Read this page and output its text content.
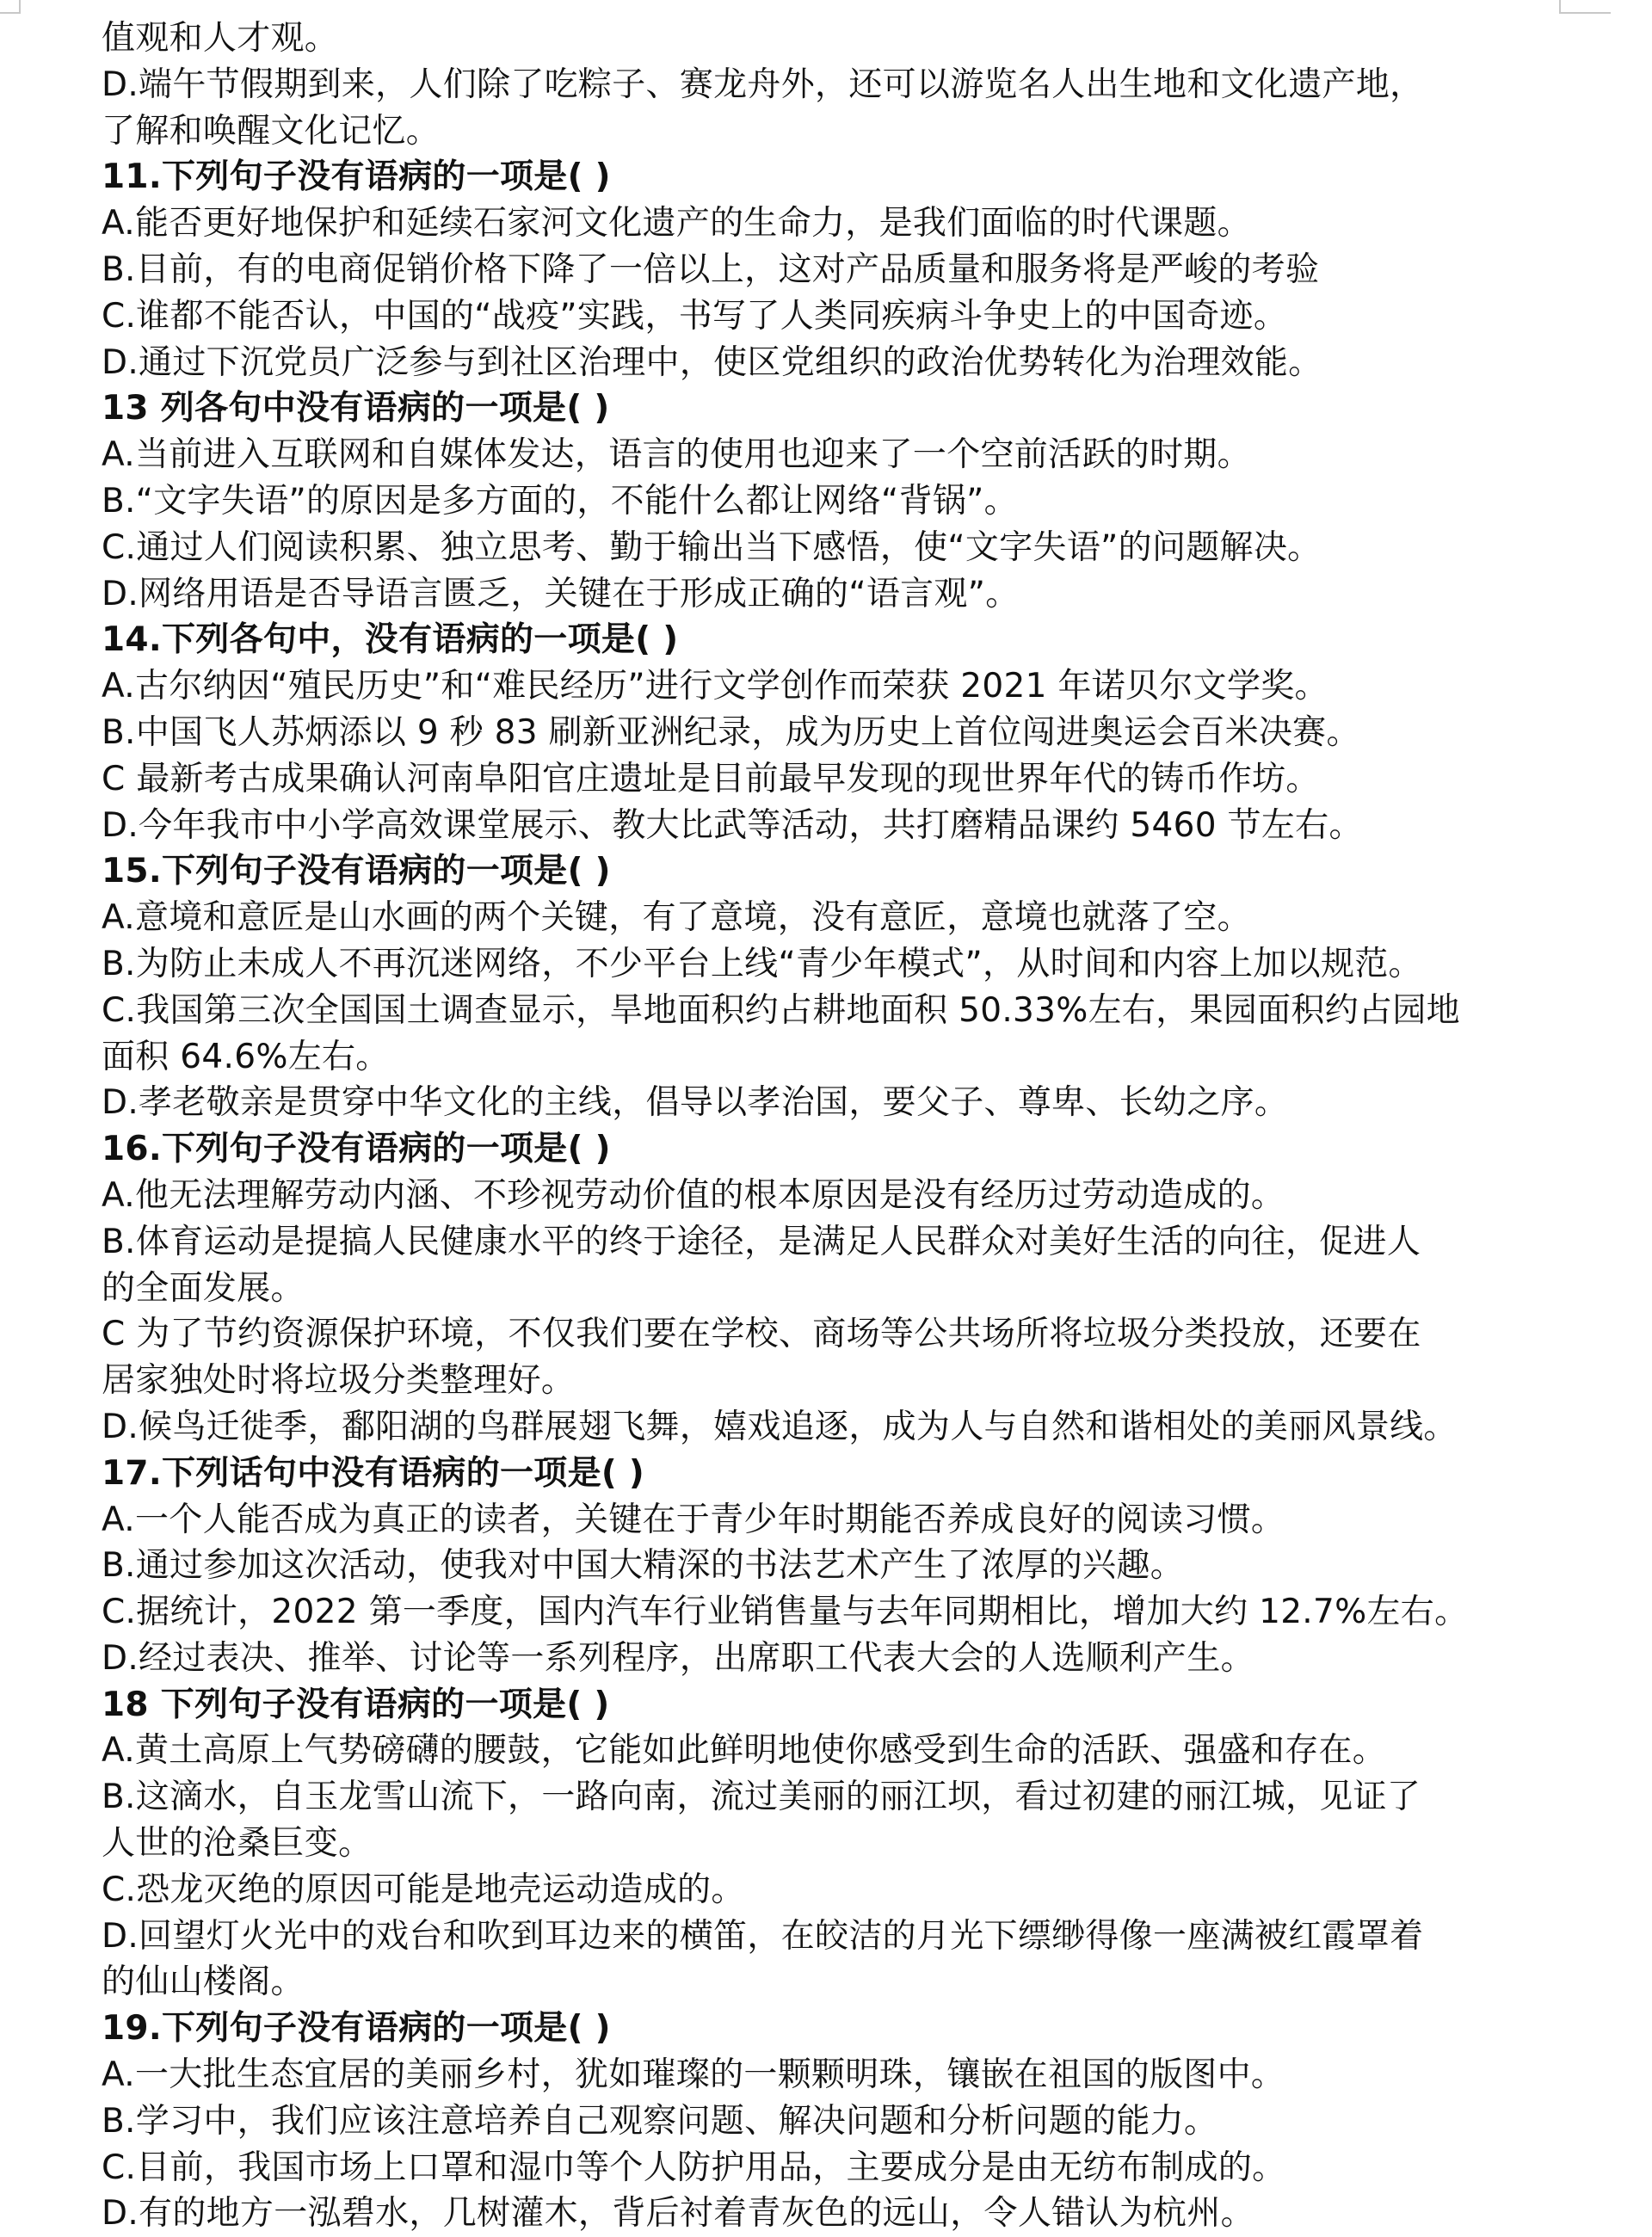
值观和人才观。
D.端午节假期到来，人们除了吃粽子、赛龙舟外，还可以游览名人出生地和文化遗产地，
了解和唤醒文化记忆。
11.下列句子没有语病的一项是( )
A.能否更好地保护和延续石家河文化遗产的生命力，是我们面临的时代课题。
B.目前，有的电商促销价格下降了一倍以上，这对产品质量和服务将是严峻的考验
C.谁都不能否认，中国的“战疫”实践，书写了人类同疾病斗争史上的中国奇迹。
D.通过下沉党员广泛参与到社区治理中，使区党组织的政治优势转化为治理效能。
13 列各句中没有语病的一项是( )
A.当前进入互联网和自媒体发达，语言的使用也迎来了一个空前活跃的时期。
B.“文字失语”的原因是多方面的，不能什么都让网络“背锅”。
C.通过人们阅读积累、独立思考、勤于输出当下感悟，使“文字失语”的问题解决。
D.网络用语是否导语言匮乏，关键在于形成正确的“语言观”。
14.下列各句中，没有语病的一项是( )
A.古尔纳因“殖民历史”和“难民经历”进行文学创作而荣获 2021 年诺贝尔文学奖。
B.中国飞人苏炳添以 9 秒 83 刷新亚洲纪录，成为历史上首位闯进奥运会百米决赛。
C 最新考古成果确认河南阜阳官庄遗址是目前最早发现的现世界年代的铸币作坊。
D.今年我市中小学高效课堂展示、教大比武等活动，共打磨精品课约 5460 节左右。
15.下列句子没有语病的一项是( )
A.意境和意匠是山水画的两个关键，有了意境，没有意匠，意境也就落了空。
B.为防止未成人不再沉迷网络，不少平台上线“青少年模式”，从时间和内容上加以规范。
C.我国第三次全国国土调查显示，旱地面积约占耕地面积 50.33%左右，果园面积约占园地
面积 64.6%左右。
D.孝老敬亲是贯穿中华文化的主线，倡导以孝治国，要父子、尊卑、长幼之序。
16.下列句子没有语病的一项是( )
A.他无法理解劳动内涵、不珍视劳动价值的根本原因是没有经历过劳动造成的。
B.体育运动是提搞人民健康水平的终于途径，是满足人民群众对美好生活的向往，促进人
的全面发展。
C 为了节约资源保护环境，不仅我们要在学校、商场等公共场所将垃圾分类投放，还要在
居家独处时将垃圾分类整理好。
D.候鸟迁徙季，鄱阳湖的鸟群展翅飞舞，嬉戏追逐，成为人与自然和谐相处的美丽风景线。
17.下列话句中没有语病的一项是( )
A.一个人能否成为真正的读者，关键在于青少年时期能否养成良好的阅读习惯。
B.通过参加这次活动，使我对中国大精深的书法艺术产生了浓厚的兴趣。
C.据统计，2022 第一季度，国内汽车行业销售量与去年同期相比，增加大约 12.7%左右。
D.经过表决、推举、讨论等一系列程序，出席职工代表大会的人选顺利产生。
18 下列句子没有语病的一项是( )
A.黄土高原上气势磅礴的腰鼓，它能如此鲜明地使你感受到生命的活跃、强盛和存在。
B.这滴水，自玉龙雪山流下，一路向南，流过美丽的丽江坝，看过初建的丽江城，见证了
人世的沧桑巨变。
C.恐龙灭绝的原因可能是地壳运动造成的。
D.回望灯火光中的戏台和吹到耳边来的横笛，在皎洁的月光下缥缈得像一座满被红霞罩着
的仙山楼阁。
19.下列句子没有语病的一项是( )
A.一大批生态宜居的美丽乡村，犹如璀璨的一颗颗明珠，镶嵌在祖国的版图中。
B.学习中，我们应该注意培养自己观察问题、解决问题和分析问题的能力。
C.目前，我国市场上口罩和湿巾等个人防护用品，主要成分是由无纺布制成的。
D.有的地方一泓碧水，几树灌木，背后衬着青灰色的远山，令人错认为杭州。
